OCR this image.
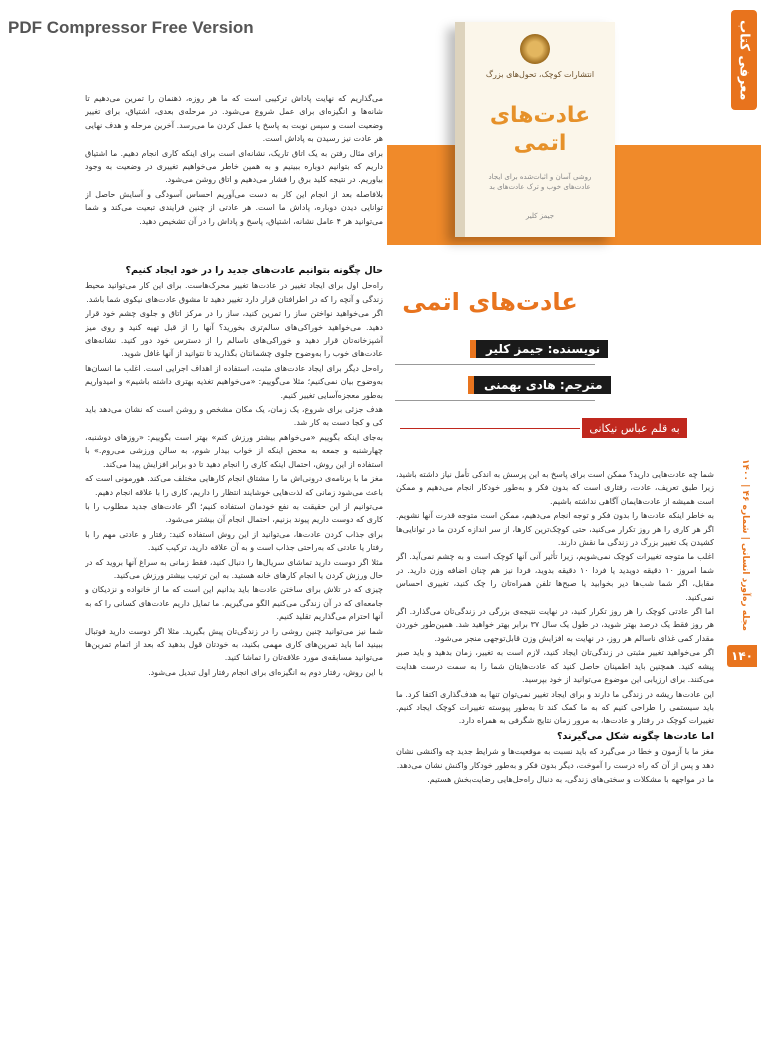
PDF Compressor Free Version
انتشارات کوچک، تحول‌های بزرگ
عادت‌های اتمی
روشی آسان و اثبات‌شده برای ایجاد عادت‌های خوب و ترک عادت‌های بد
جیمز کلیر
معرفی کتاب
عادت‌های اتمی
نویسنده: جیمز کلیر
مترجم: هادی بهمنی
به قلم عباس نیکانی
مجله ره‌آورد انسانی | شماره ۴۶ | ۱۴۰۰
۱۴۰

می‌گذاریم که نهایت پاداش ترکیبی است که ما هر روزه، ذهنمان را تمرین می‌دهیم تا شانه‌ها و انگیزه‌ای برای عمل شروع می‌شود. در مرحله‌ی بعدی، اشتیاق، برای تغییر وضعیت است و سپس نوبت به پاسخ یا عمل کردن ما می‌رسد. آخرین مرحله و هدف نهایی هر عادت نیز رسیدن به پاداش است.

برای مثال رفتن به یک اتاق تاریک، نشانه‌ای است برای اینکه کاری انجام دهیم. ما اشتیاق داریم که بتوانیم دوباره ببینیم و به همین خاطر می‌خواهیم تغییری در وضعیت به وجود بیاوریم. در نتیجه کلید برق را فشار می‌دهیم و اتاق روشن می‌شود.

بلافاصله بعد از انجام این کار به دست می‌آوریم احساس آسودگی و آسایش حاصل از توانایی دیدن دوباره، پاداش ما است. هر عادتی از چنین فرایندی تبعیت می‌کند و شما می‌توانید هر ۴ عامل نشانه، اشتیاق، پاسخ و پاداش را در آن تشخیص دهید.

حال چگونه بتوانیم عادت‌های جدید را در خود ایجاد کنیم؟

راه‌حل اول برای ایجاد تغییر در عادت‌ها تغییر محرک‌هاست. برای این کار می‌توانید محیط زندگی و آنچه را که در اطرافتان قرار دارد تغییر دهید تا مشوق عادت‌های نیکوی شما باشد.

اگر می‌خواهید نواختن ساز را تمرین کنید، ساز را در مرکز اتاق و جلوی چشم خود قرار دهید. می‌خواهید خوراکی‌های سالم‌تری بخورید؟ آنها را از قبل تهیه کنید و روی میز آشپزخانه‌تان قرار دهید و خوراکی‌های ناسالم را از دسترس خود دور کنید. نشانه‌های عادت‌های خوب را به‌وضوح جلوی چشمانتان بگذارید تا نتوانید از آنها غافل شوید.

راه‌حل دیگر برای ایجاد عادت‌های مثبت، استفاده از اهداف اجرایی است. اغلب ما انسان‌ها به‌وضوح بیان نمی‌کنیم؛ مثلا می‌گوییم: «می‌خواهیم تغذیه بهتری داشته باشیم» و امیدواریم به‌طور معجزه‌آسایی تغییر کنیم.

هدف جزئی برای شروع، یک زمان، یک مکان مشخص و روشن است که نشان می‌دهد باید کی و کجا دست به کار شد.

به‌جای اینکه بگوییم «می‌خواهم بیشتر ورزش کنم» بهتر است بگوییم: «روزهای دوشنبه، چهارشنبه و جمعه به محض اینکه از خواب بیدار شوم، به سالن ورزشی می‌روم.» با استفاده از این روش، احتمال اینکه کاری را انجام دهید تا دو برابر افزایش پیدا می‌کند.

مغز ما با برنامه‌ی درونی‌اش ما را مشتاق انجام کارهایی مختلف می‌کند. هورمونی است که باعث می‌شود زمانی که لذت‌هایی خوشایند انتظار را داریم، کاری را با علاقه انجام دهیم.

می‌توانیم از این حقیقت به نفع خودمان استفاده کنیم؛ اگر عادت‌های جدید مطلوب را با کاری که دوست داریم پیوند بزنیم، احتمال انجام آن بیشتر می‌شود.

برای جذاب کردن عادت‌ها، می‌توانید از این روش استفاده کنید: رفتار و عادتی مهم را با رفتار یا عادتی که به‌راحتی جذاب است و به آن علاقه دارید، ترکیب کنید.

مثلا اگر دوست دارید تماشای سریال‌ها را دنبال کنید، فقط زمانی به سراغ آنها بروید که در حال ورزش کردن یا انجام کارهای خانه هستید. به این ترتیب بیشتر ورزش می‌کنید.

چیزی که در تلاش برای ساختن عادت‌ها باید بدانیم این است که ما از خانواده و نزدیکان و جامعه‌ای که در آن زندگی می‌کنیم الگو می‌گیریم. ما تمایل داریم عادت‌های کسانی را که به آنها احترام می‌گذاریم تقلید کنیم.

شما نیز می‌توانید چنین روشی را در زندگی‌تان پیش بگیرید. مثلا اگر دوست دارید فوتبال ببینید اما باید تمرین‌های کاری مهمی بکنید، به خودتان قول بدهید که بعد از اتمام تمرین‌ها می‌توانید مسابقه‌ی مورد علاقه‌تان را تماشا کنید.

با این روش، رفتار دوم به انگیزه‌ای برای انجام رفتار اول تبدیل می‌شود.

شما چه عادت‌هایی دارید؟ ممکن است برای پاسخ به این پرسش به اندکی تأمل نیاز داشته باشید، زیرا طبق تعریف، عادت، رفتاری است که بدون فکر و به‌طور خودکار انجام می‌دهیم و ممکن است همیشه از عادت‌هایمان آگاهی نداشته باشیم.

به خاطر اینکه عادت‌ها را بدون فکر و توجه انجام می‌دهیم، ممکن است متوجه قدرت آنها نشویم. اگر هر کاری را هر روز تکرار می‌کنید، حتی کوچک‌ترین کارها، از سر اندازه کردن ما در توانایی‌ها کشیدن یک تغییر بزرگ در زندگی ما نقش دارند.

اغلب ما متوجه تغییرات کوچک نمی‌شویم، زیرا تأثیر آنی آنها کوچک است و به چشم نمی‌آید. اگر شما امروز ۱۰ دقیقه دویدید یا فردا ۱۰ دقیقه بدوید، فردا نیز هم چنان اضافه وزن دارید. در مقابل، اگر شما شب‌ها دیر بخوابید یا صبح‌ها تلفن همراه‌تان را چک کنید، تغییری احساس نمی‌کنید.

اما اگر عادتی کوچک را هر روز تکرار کنید، در نهایت نتیجه‌ی بزرگی در زندگی‌تان می‌گذارد. اگر هر روز فقط یک درصد بهتر شوید، در طول یک سال ۳۷ برابر بهتر خواهید شد. همین‌طور خوردن مقدار کمی غذای ناسالم هر روز، در نهایت به افزایش وزن قابل‌توجهی منجر می‌شود.

اگر می‌خواهید تغییر مثبتی در زندگی‌تان ایجاد کنید، لازم است به تغییر، زمان بدهید و باید صبر پیشه کنید. همچنین باید اطمینان حاصل کنید که عادت‌هایتان شما را به سمت درست هدایت می‌کنند. برای ارزیابی این موضوع می‌توانید از خود بپرسید.

این عادت‌ها ریشه در زندگی ما دارند و برای ایجاد تغییر نمی‌توان تنها به هدف‌گذاری اکتفا کرد. ما باید سیستمی را طراحی کنیم که به ما کمک کند تا به‌طور پیوسته تغییرات کوچک ایجاد کنیم. تغییرات کوچک در رفتار و عادت‌ها، به مرور زمان نتایج شگرفی به همراه دارد.

اما عادت‌ها چگونه شکل می‌گیرند؟

مغز ما با آزمون و خطا در می‌گیرد که باید نسبت به موقعیت‌ها و شرایط جدید چه واکنشی نشان دهد و پس از آن که راه درست را آموخت، دیگر بدون فکر و به‌طور خودکار واکنش نشان می‌دهد.

ما در مواجهه با مشکلات و سختی‌های زندگی، به دنبال راه‌حل‌هایی رضایت‌بخش هستیم.
